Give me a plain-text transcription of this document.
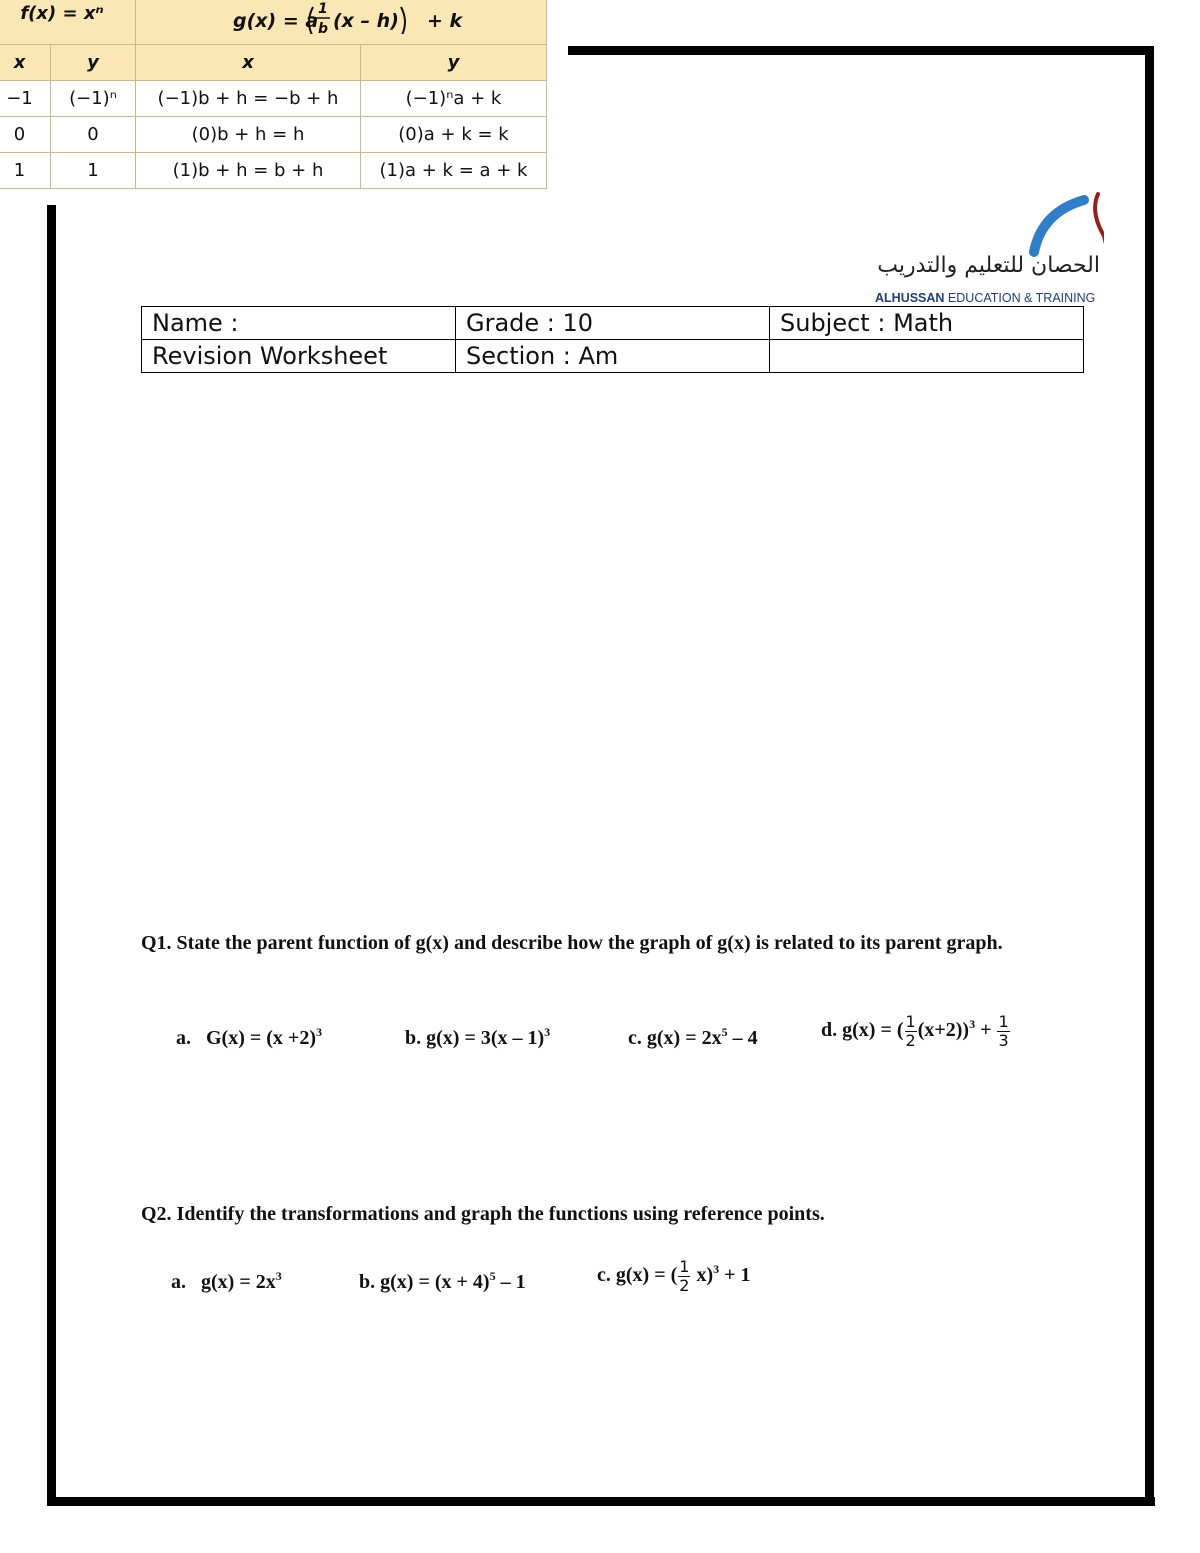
f(x) = xⁿ		g(x) = a
1
b (x – h) + k	

x	y	x	y
−1	(−1)ⁿ	(−1)b + h = −b + h	(−1)ⁿa + k
0	0	(0)b + h = h	(0)a + k = k
1	1	(1)b + h = b + h	(1)a + k = a + k
الحصان للتعليم والتدريب
ALHUSSAN EDUCATION & TRAINING
Name :	Grade : 10	Subject : Math
Revision Worksheet	Section : Am	
Q1. State the parent function of g(x) and describe how the graph of g(x) is related to its parent graph.
a. $G(x) = (x +2)^3$	b. g(x) = 3(x – 1)$^3$	c. $g(x) = 2x^5 - 4$	d. g(x) = ( $\frac{1}{2} (x+2))^3 + \frac{1}{3}$
Q2. Identify the transformations and graph the functions using reference points.
a. $g(x) = 2x^3$	b. $g(x) = (x + 4)^5 - 1$	c. g(x) = ( $\frac{1}{2} x)^3 + 1$
